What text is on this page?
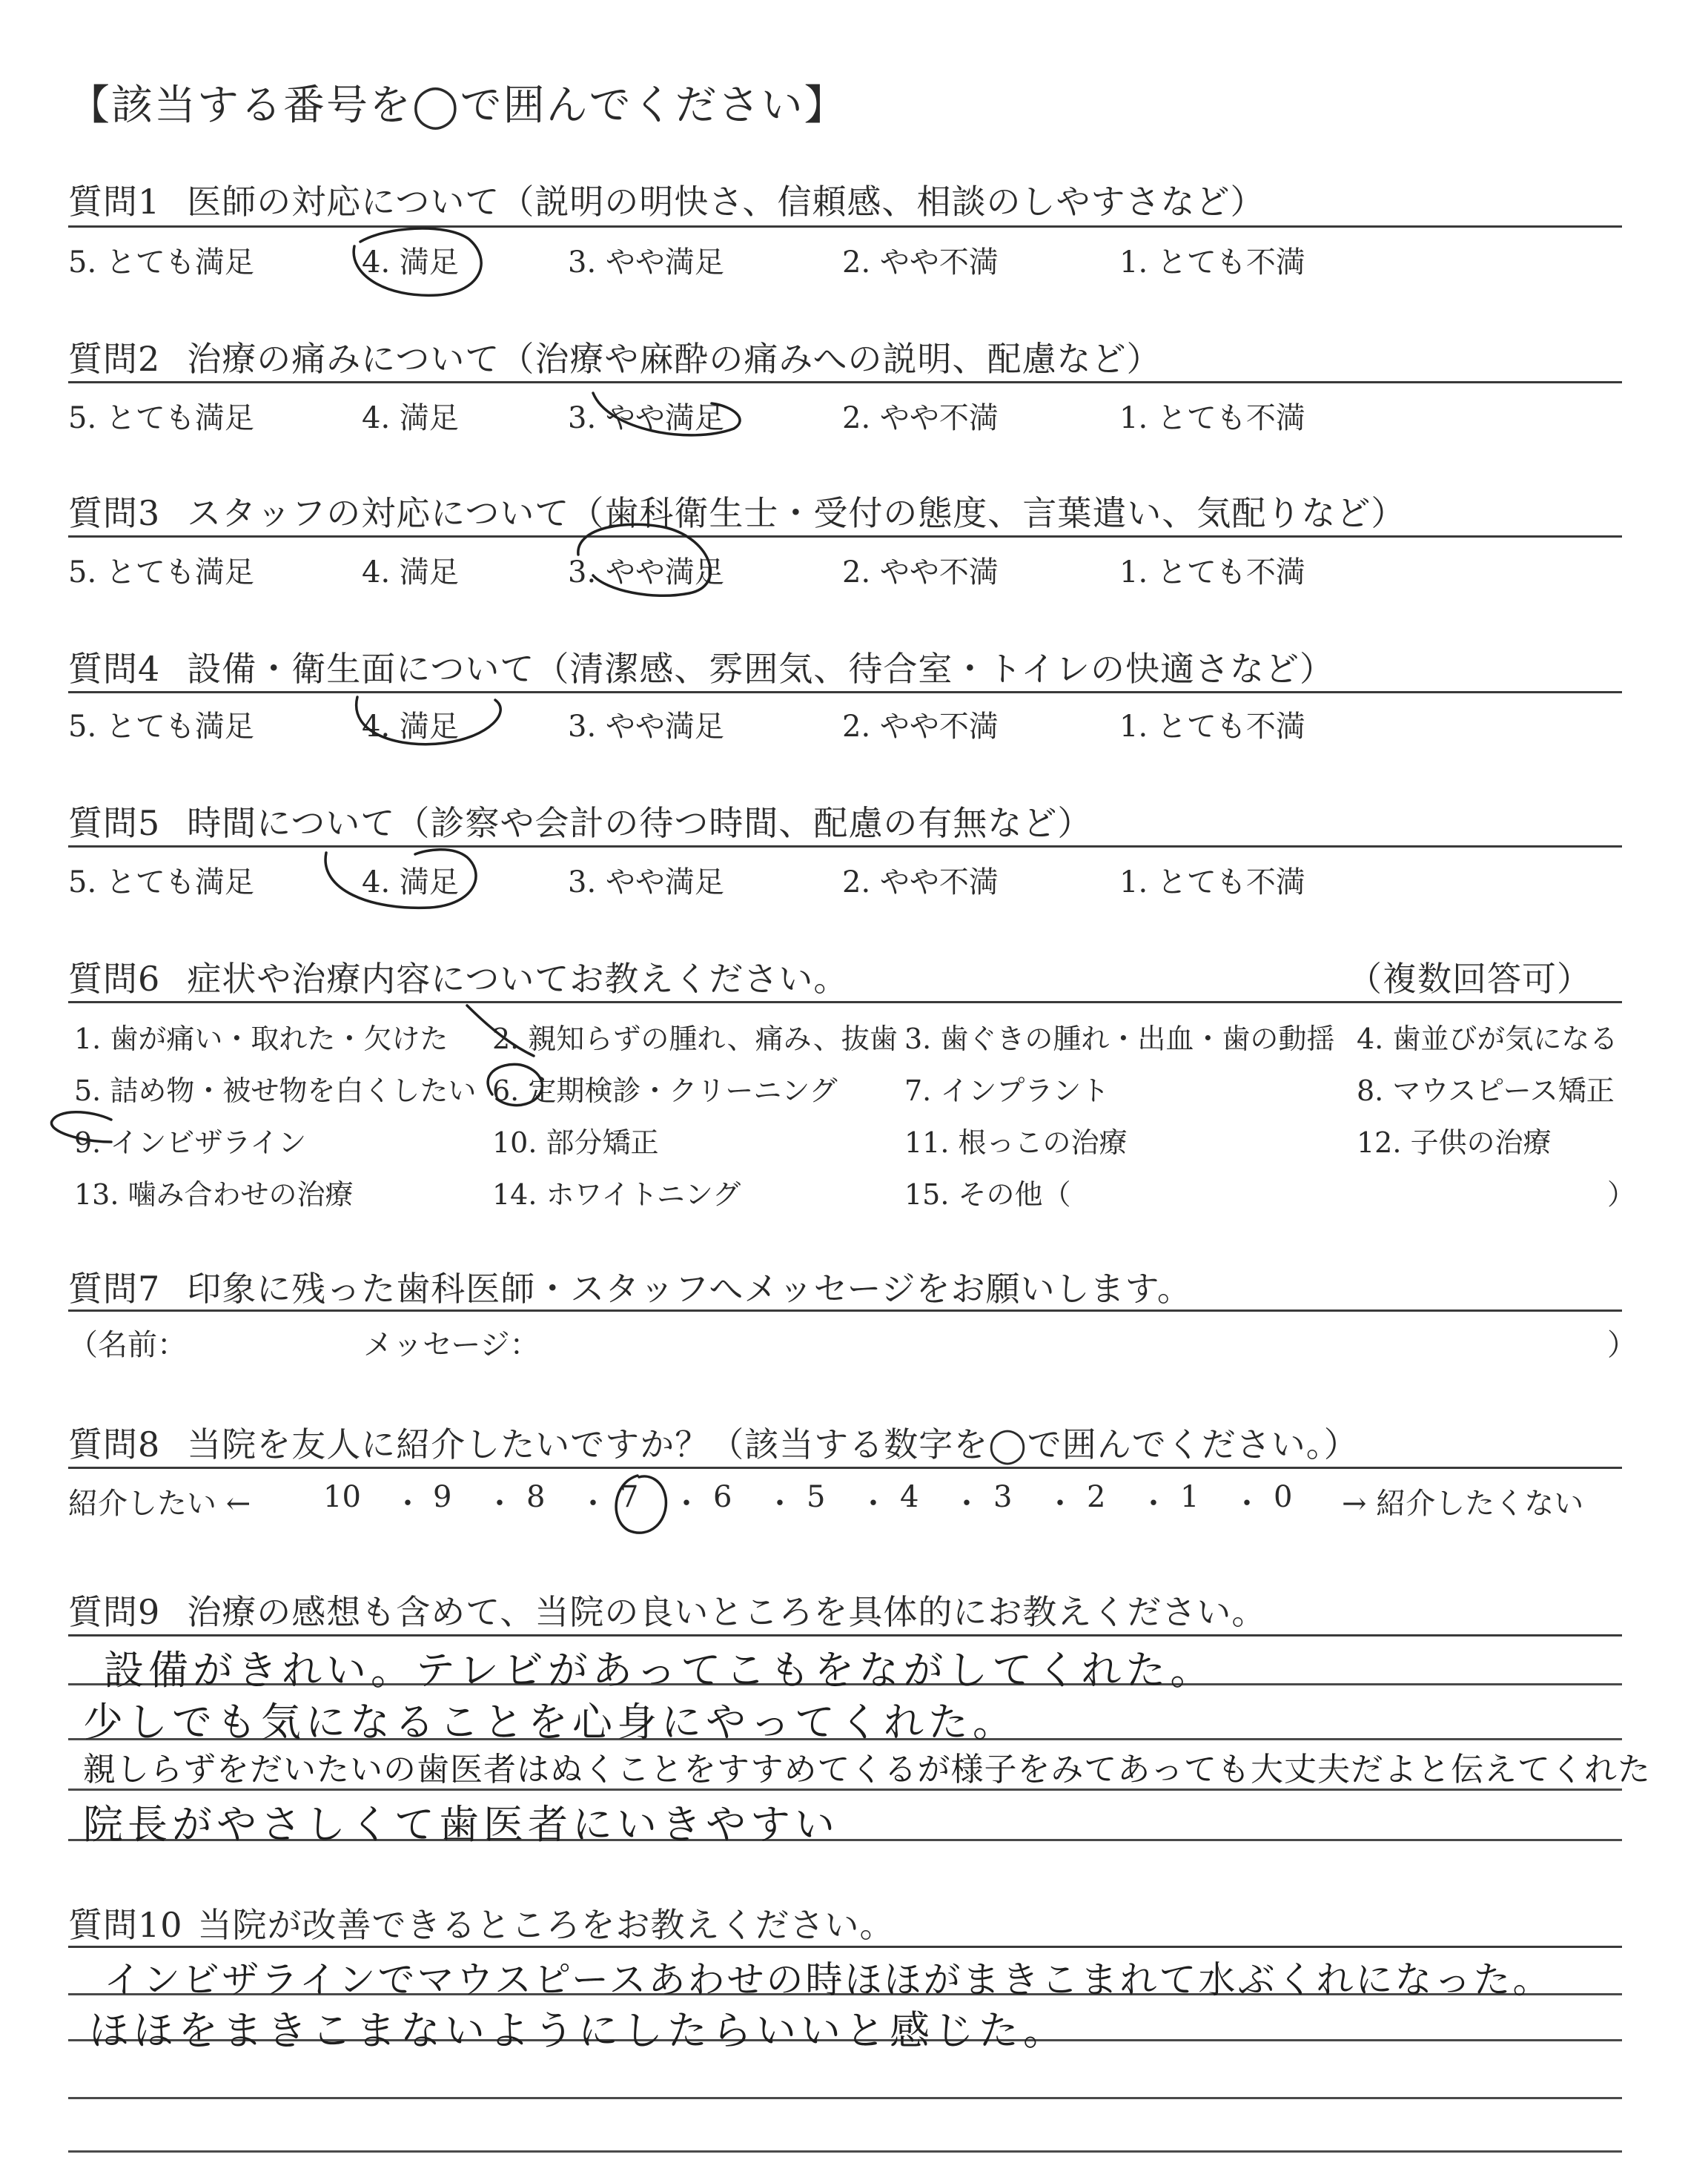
【該当する番号を◯で囲んでください】
質問1 医師の対応について（説明の明快さ、信頼感、相談のしやすさなど）
5. とても満足	4. 満足	3. やや満足	2. やや不満	1. とても不満
質問2 治療の痛みについて（治療や麻酔の痛みへの説明、配慮など）
5. とても満足	4. 満足	3. やや満足	2. やや不満	1. とても不満
質問3 スタッフの対応について（歯科衛生士・受付の態度、言葉遣い、気配りなど）
5. とても満足	4. 満足	3. やや満足	2. やや不満	1. とても不満
質問4 設備・衛生面について（清潔感、雰囲気、待合室・トイレの快適さなど）
5. とても満足	4. 満足	3. やや満足	2. やや不満	1. とても不満
質問5 時間について（診察や会計の待つ時間、配慮の有無など）
5. とても満足	4. 満足	3. やや満足	2. やや不満	1. とても不満
質問6 症状や治療内容についてお教えください。	（複数回答可）
1. 歯が痛い・取れた・欠けた 2. 親知らずの腫れ、痛み、抜歯 3. 歯ぐきの腫れ・出血・歯の動揺 4. 歯並びが気になる
5. 詰め物・被せ物を白くしたい 6. 定期検診・クリーニング 7. インプラント	8. マウスピース矯正
9. インビザライン	10. 部分矯正	11. 根っこの治療	12. 子供の治療
13. 噛み合わせの治療	14. ホワイトニング	15. その他（	）
質問7 印象に残った歯科医師・スタッフへメッセージをお願いします。
（名前：	メッセージ：	）
質問8 当院を友人に紹介したいですか？（該当する数字を◯で囲んでください。）
紹介したい ←	→ 紹介したくない
10 ・ 9 ・ 8 ・ 7 ・ 6 ・ 5 ・ 4 ・ 3 ・ 2 ・ 1 ・ 0
質問9 治療の感想も含めて、当院の良いところを具体的にお教えください。
設備がきれい。テレビがあってこもをながしてくれた。
少しでも気になることを心身にやってくれた。
親しらずをだいたいの歯医者はぬくことをすすめてくるが様子をみてあっても大丈夫だよと伝えてくれた
院長がやさしくて歯医者にいきやすい
質問10 当院が改善できるところをお教えください。
インビザラインでマウスピースあわせの時ほほがまきこまれて水ぶくれになった。
ほほをまきこまないようにしたらいいと感じた。
